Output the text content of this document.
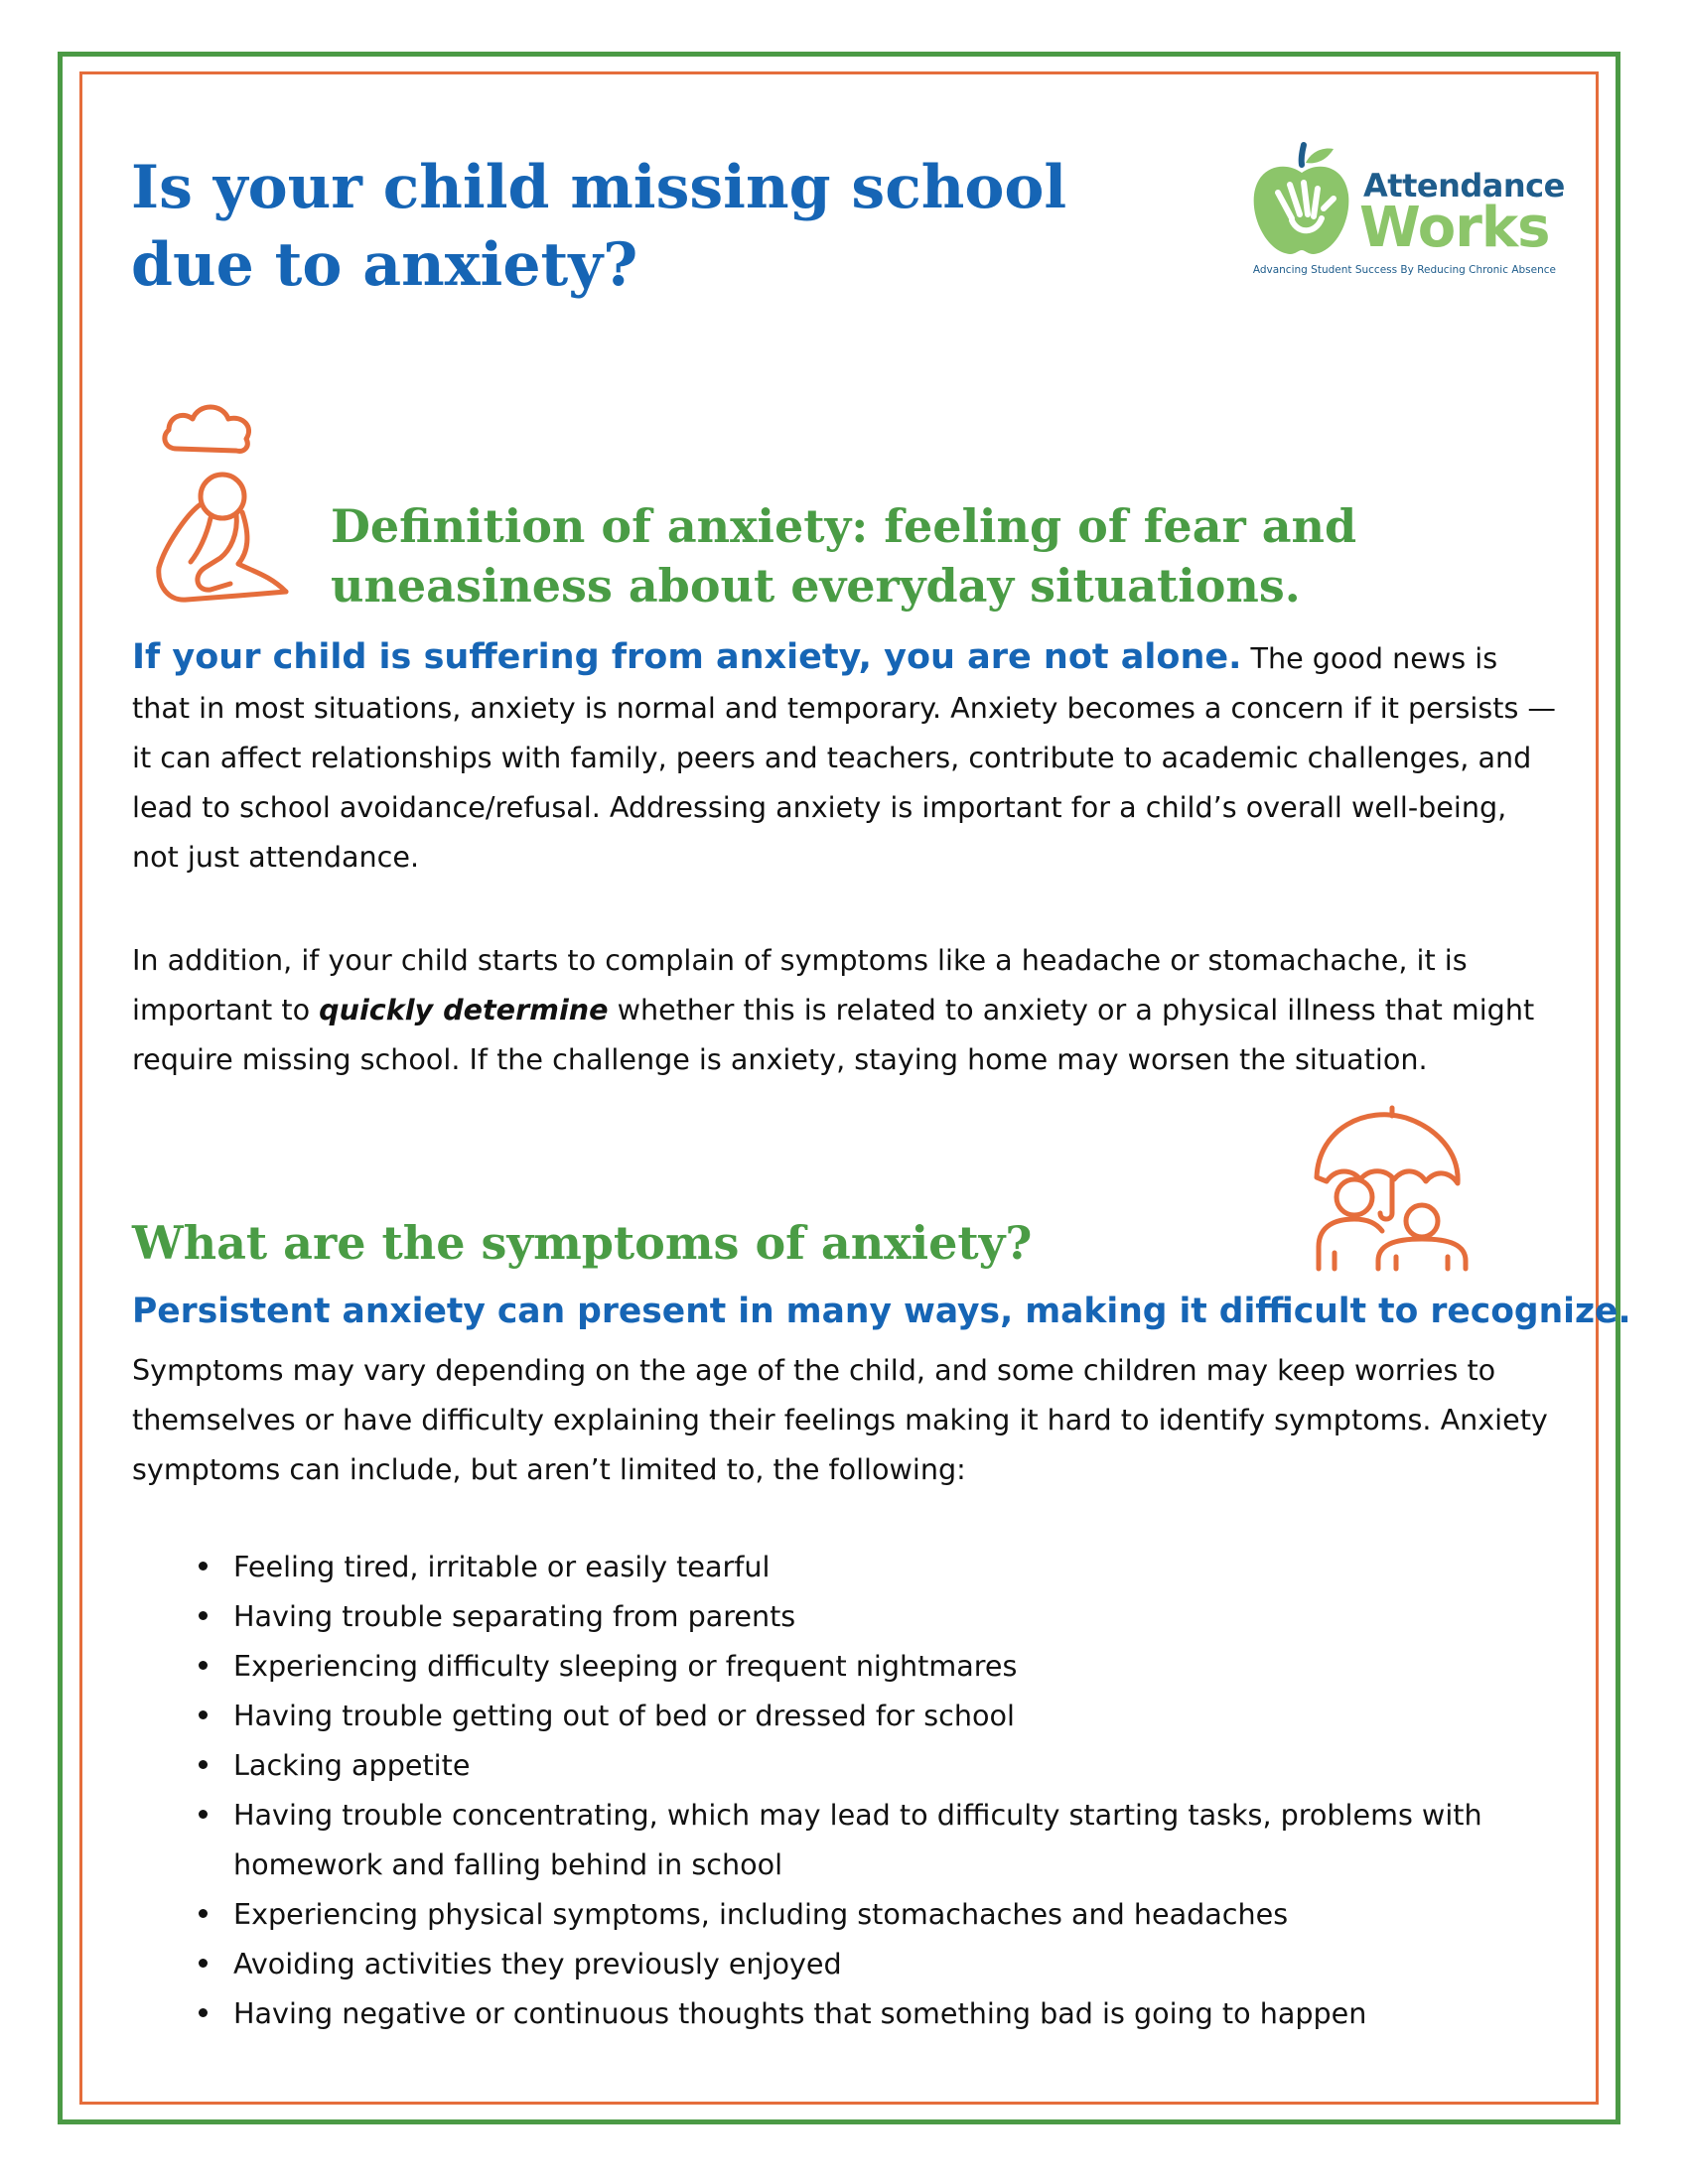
Is your child missing school due to anxiety?
Attendance
Works
Advancing Student Success By Reducing Chronic Absence
Definition of anxiety: feeling of fear and uneasiness about everyday situations.

If your child is suffering from anxiety, you are not alone. The good news is that in most situations, anxiety is normal and temporary. Anxiety becomes a concern if it persists — it can affect relationships with family, peers and teachers, contribute to academic challenges, and lead to school avoidance/refusal. Addressing anxiety is important for a child’s overall well-being, not just attendance.

In addition, if your child starts to complain of symptoms like a headache or stomachache, it is important to quickly determine whether this is related to anxiety or a physical illness that might require missing school. If the challenge is anxiety, staying home may worsen the situation.

What are the symptoms of anxiety?
Persistent anxiety can present in many ways, making it difficult to recognize.

Symptoms may vary depending on the age of the child, and some children may keep worries to themselves or have difficulty explaining their feelings making it hard to identify symptoms. Anxiety symptoms can include, but aren’t limited to, the following:

Feeling tired, irritable or easily tearful
Having trouble separating from parents
Experiencing difficulty sleeping or frequent nightmares
Having trouble getting out of bed or dressed for school
Lacking appetite
Having trouble concentrating, which may lead to difficulty starting tasks, problems with homework and falling behind in school
Experiencing physical symptoms, including stomachaches and headaches
Avoiding activities they previously enjoyed
Having negative or continuous thoughts that something bad is going to happen
